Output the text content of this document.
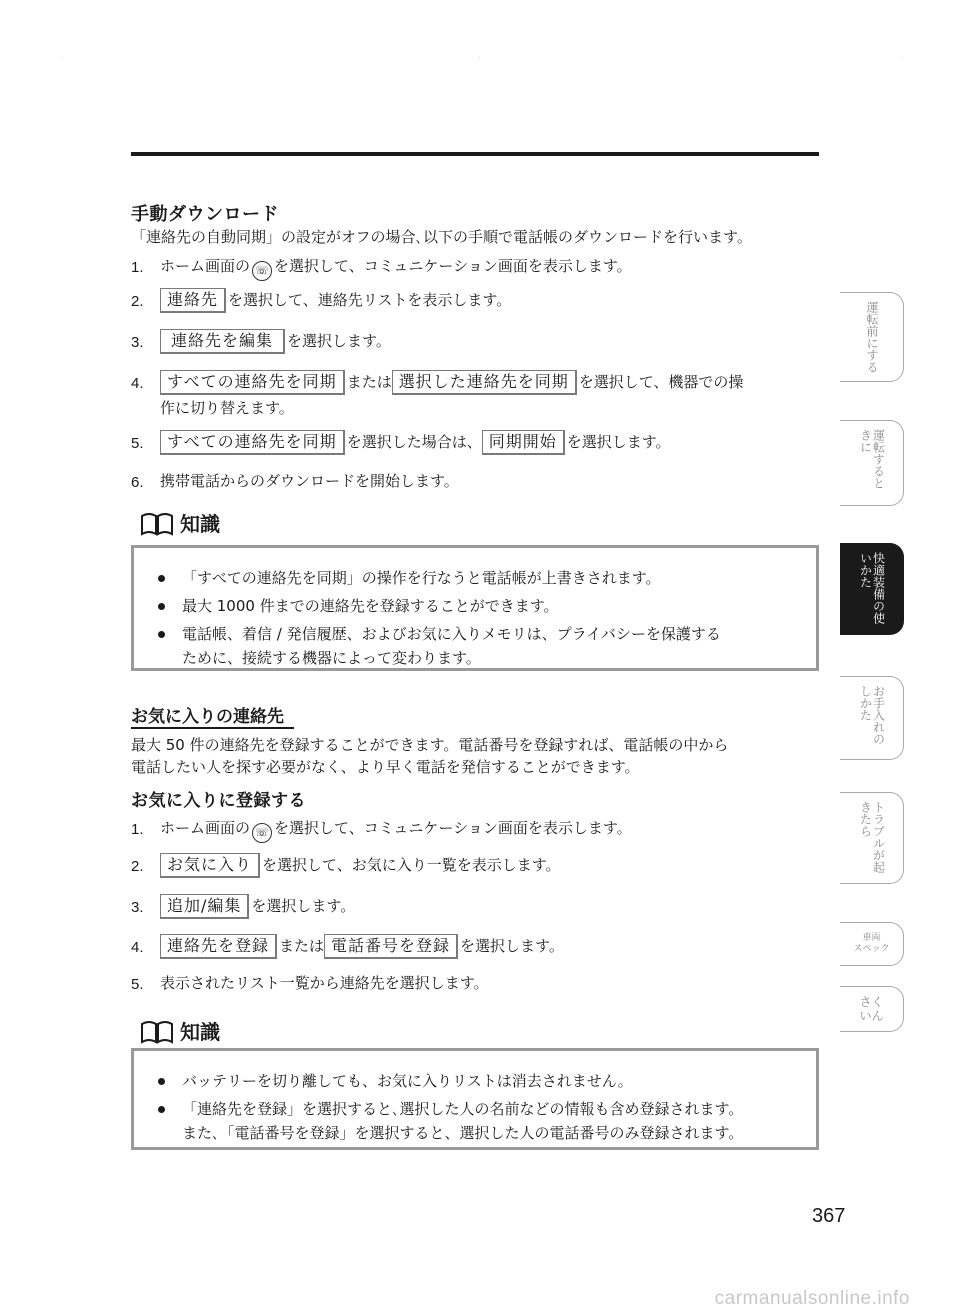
·
·	·
手動ダウンロード
「連絡先の自動同期」の設定がオフの場合､以下の手順で電話帳のダウンロードを行います。
1.	ホーム画面の ☏ を選択して、コミュニケーション画面を表示します。
2.	連絡先 を選択して、連絡先リストを表示します。
3.	連絡先を編集 を選択します。
4.	すべての連絡先を同期 または 選択した連絡先を同期 を選択して、機器での操
作に切り替えます。
5.	すべての連絡先を同期 を選択した場合は、 同期開始 を選択します。
6.	携帯電話からのダウンロードを開始します。
知識
「すべての連絡先を同期」の操作を行なうと電話帳が上書きされます。
最大 1000 件までの連絡先を登録することができます。
電話帳、着信 / 発信履歴、およびお気に入りメモリは、プライバシーを保護する
ために、接続する機器によって変わります。
お気に入りの連絡先
最大 50 件の連絡先を登録することができます。電話番号を登録すれば、電話帳の中から
電話したい人を探す必要がなく、より早く電話を発信することができます。
お気に入りに登録する
1.	ホーム画面の ☏ を選択して、コミュニケーション画面を表示します。
2.	お気に入り を選択して、お気に入り一覧を表示します。
3.	追加/編集 を選択します。
4.	連絡先を登録 または 電話番号を登録 を選択します。
5.	表示されたリスト一覧から連絡先を選択します。
知識
バッテリーを切り離しても、お気に入りリストは消去されません。
「連絡先を登録」を選択すると､選択した人の名前などの情報も含め登録されます。
また､「電話番号を登録」を選択すると、選択した人の電話番号のみ登録されます。
運転前にする
運転するときに
快適装備の使いかた
お手入れのしかた
トラブルが起きたら
車両
スペック
さく
いん
367
carmanualsonline.info
